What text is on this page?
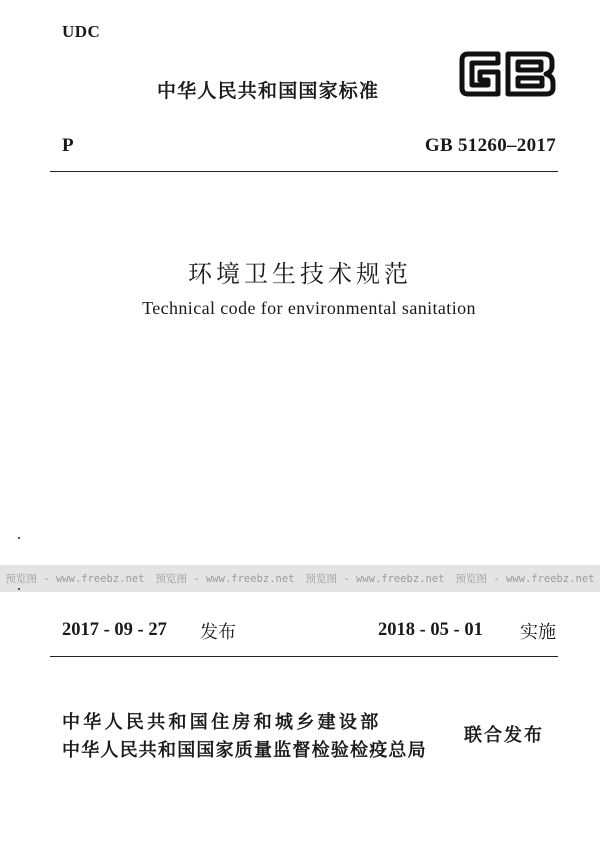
UDC
中华人民共和国国家标准
P	GB 51260–2017
环境卫生技术规范
Technical code for environmental sanitation
预览图 - www.freebz.net 预览图 - www.freebz.net 预览图 - www.freebz.net 预览图 - www.freebz.net
2017 - 09 - 27 发布	2018 - 05 - 01 实施
中华人民共和国住房和城乡建设部
中华人民共和国国家质量监督检验检疫总局
联合发布
